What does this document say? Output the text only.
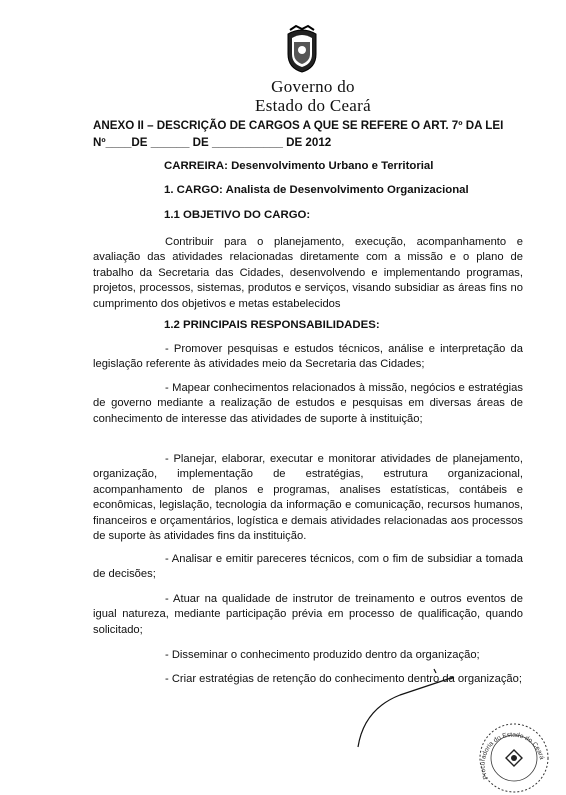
Governo do
Estado do Ceará
ANEXO II – DESCRIÇÃO DE CARGOS A QUE SE REFERE O ART. 7º DA LEI
Nº____DE ______ DE ___________ DE 2012
CARREIRA: Desenvolvimento Urbano e Territorial
1. CARGO: Analista de Desenvolvimento Organizacional
1.1 OBJETIVO DO CARGO:
Contribuir para o planejamento, execução, acompanhamento e avaliação das atividades relacionadas diretamente com a missão e o plano de trabalho da Secretaria das Cidades, desenvolvendo e implementando programas, projetos, processos, sistemas, produtos e serviços, visando subsidiar as áreas fins no cumprimento dos objetivos e metas estabelecidos
1.2 PRINCIPAIS RESPONSABILIDADES:
- Promover pesquisas e estudos técnicos, análise e interpretação da legislação referente às atividades meio da Secretaria das Cidades;
- Mapear conhecimentos relacionados à missão, negócios e estratégias de governo mediante a realização de estudos e pesquisas em diversas áreas de conhecimento de interesse das atividades de suporte à instituição;
- Planejar, elaborar, executar e monitorar atividades de planejamento, organização, implementação de estratégias, estrutura organizacional, acompanhamento de planos e programas, analises estatísticas, contábeis e econômicas, legislação, tecnologia da informação e comunicação, recursos humanos, financeiros e orçamentários, logística e demais atividades relacionadas aos processos de suporte às atividades fins da instituição.
- Analisar e emitir pareceres técnicos, com o fim de subsidiar a tomada de decisões;
- Atuar na qualidade de instrutor de treinamento e outros eventos de igual natureza, mediante participação prévia em processo de qualificação, quando solicitado;
- Disseminar o conhecimento produzido dentro da organização;
- Criar estratégias de retenção do conhecimento dentro da organização;
Procuradoria do Estado do Ceará
